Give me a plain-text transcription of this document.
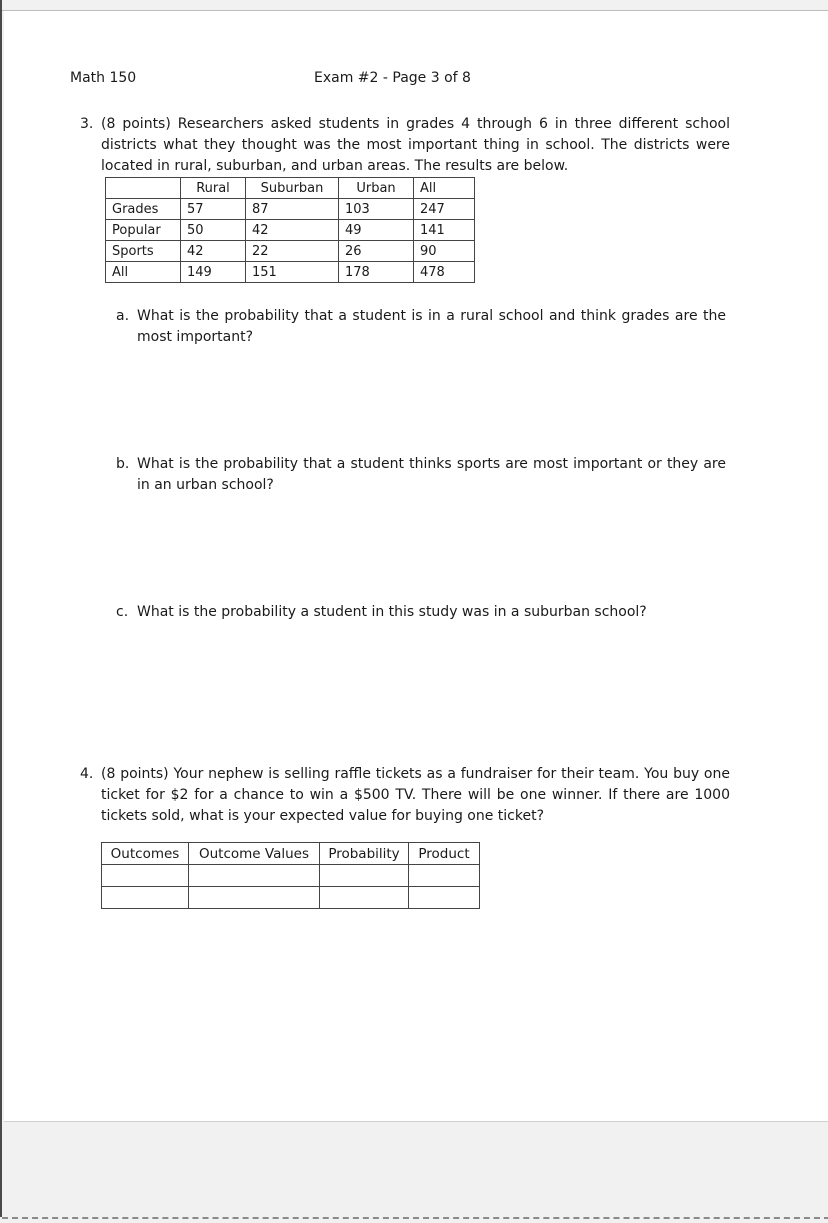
Math 150	Exam #2 - Page 3 of 8
3. (8 points) Researchers asked students in grades 4 through 6 in three different school districts what they thought was the most important thing in school. The districts were located in rural, suburban, and urban areas. The results are below.
	Rural	Suburban	Urban	All
Grades	57	87	103	247
Popular	50	42	49	141
Sports	42	22	26	90
All	149	151	178	478
a. What is the probability that a student is in a rural school and think grades are the most important?
b. What is the probability that a student thinks sports are most important or they are in an urban school?
c. What is the probability a student in this study was in a suburban school?
4. (8 points) Your nephew is selling raffle tickets as a fundraiser for their team. You buy one ticket for $2 for a chance to win a $500 TV. There will be one winner. If there are 1000 tickets sold, what is your expected value for buying one ticket?
Outcomes	Outcome Values	Probability	Product
